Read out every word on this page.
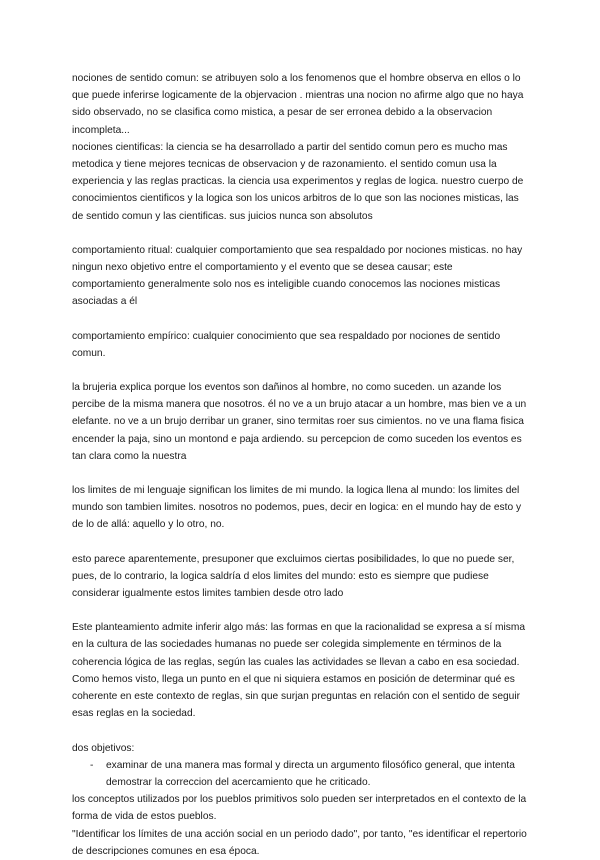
nociones de sentido comun: se atribuyen solo a los fenomenos que el hombre observa en ellos o lo que puede inferirse logicamente de la objervacion . mientras una nocion no afirme algo que no haya sido observado, no se clasifica como mistica, a pesar de ser erronea debido a la observacion incompleta...

nociones cientificas: la ciencia se ha desarrollado a partir del sentido comun pero es mucho mas metodica y tiene mejores tecnicas de observacion y de razonamiento. el sentido comun usa la experiencia y las reglas practicas. la ciencia usa experimentos y reglas de logica. nuestro cuerpo de conocimientos cientificos y la logica son los unicos arbitros de lo que son las nociones misticas, las de sentido comun y las cientificas. sus juicios nunca son absolutos

comportamiento ritual: cualquier comportamiento que sea respaldado por nociones misticas. no hay ningun nexo objetivo entre el comportamiento y el evento que se desea causar; este comportamiento generalmente solo nos es inteligible cuando conocemos las nociones misticas asociadas a él

comportamiento empírico: cualquier conocimiento que sea respaldado por nociones de sentido comun.

la brujeria explica porque los eventos son dañinos al hombre, no como suceden. un azande los percibe de la misma manera que nosotros. él no ve a un brujo atacar a un hombre, mas bien ve a un elefante. no ve a un brujo derribar un graner, sino termitas roer sus cimientos. no ve una flama fisica encender la paja, sino un montond e paja ardiendo. su percepcion de como suceden los eventos es tan clara como la nuestra

los limites de mi lenguaje significan los limites de mi mundo. la logica llena al mundo: los limites del mundo son tambien limites. nosotros no podemos, pues, decir en logica: en el mundo hay de esto y de lo de allá: aquello y lo otro, no.

esto parece aparentemente, presuponer que excluimos ciertas posibilidades, lo que no puede ser, pues, de lo contrario, la logica saldría d elos limites del mundo: esto es siempre que pudiese considerar igualmente estos limites tambien desde otro lado

Este planteamiento admite inferir algo más: las formas en que la racionalidad se expresa a sí misma en la cultura de las sociedades humanas no puede ser colegida simplemente en términos de la coherencia lógica de las reglas, según las cuales las actividades se llevan a cabo en esa sociedad. Como hemos visto, llega un punto en el que ni siquiera estamos en posición de determinar qué es coherente en este contexto de reglas, sin que surjan preguntas en relación con el sentido de seguir esas reglas en la sociedad.

dos objetivos:

- examinar de una manera mas formal y directa un argumento filosófico general, que intenta demostrar la correccion del acercamiento que he criticado.

los conceptos utilizados por los pueblos primitivos solo pueden ser interpretados en el contexto de la forma de vida de estos pueblos.

"Identificar los límites de una acción social en un periodo dado", por tanto, "es identificar el repertorio de descripciones comunes en esa época.
